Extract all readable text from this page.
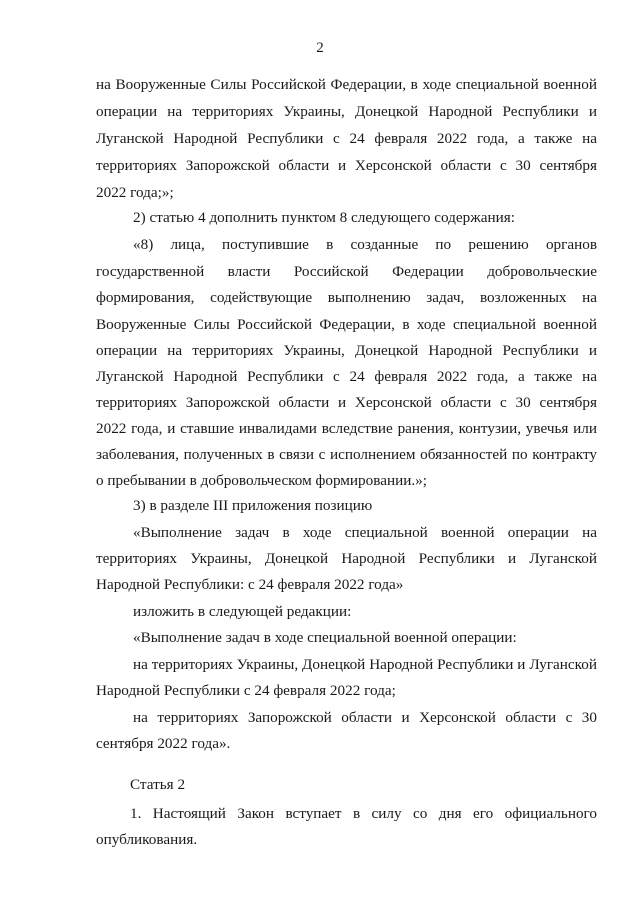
2
на Вооруженные Силы Российской Федерации, в ходе специальной военной
операции на территориях Украины, Донецкой Народной Республики и
Луганской Народной Республики с 24 февраля 2022 года, а также на
территориях Запорожской области и Херсонской области с 30 сентября
2022 года;»;
2) статью 4 дополнить пунктом 8 следующего содержания:
«8) лица, поступившие в созданные по решению органов
государственной власти Российской Федерации добровольческие
формирования, содействующие выполнению задач, возложенных на
Вооруженные Силы Российской Федерации, в ходе специальной военной
операции на территориях Украины, Донецкой Народной Республики и
Луганской Народной Республики с 24 февраля 2022 года, а также на
территориях Запорожской области и Херсонской области с 30 сентября
2022 года, и ставшие инвалидами вследствие ранения, контузии, увечья или
заболевания, полученных в связи с исполнением обязанностей по контракту
о пребывании в добровольческом формировании.»;
3) в разделе III приложения позицию
«Выполнение задач в ходе специальной военной операции на
территориях Украины, Донецкой Народной Республики и Луганской
Народной Республики: с 24 февраля 2022 года»
изложить в следующей редакции:
«Выполнение задач в ходе специальной военной операции:
на территориях Украины, Донецкой Народной Республики и Луганской
Народной Республики с 24 февраля 2022 года;
на территориях Запорожской области и Херсонской области с 30
сентября 2022 года».
Статья 2
1. Настоящий Закон вступает в силу со дня его официального
опубликования.
